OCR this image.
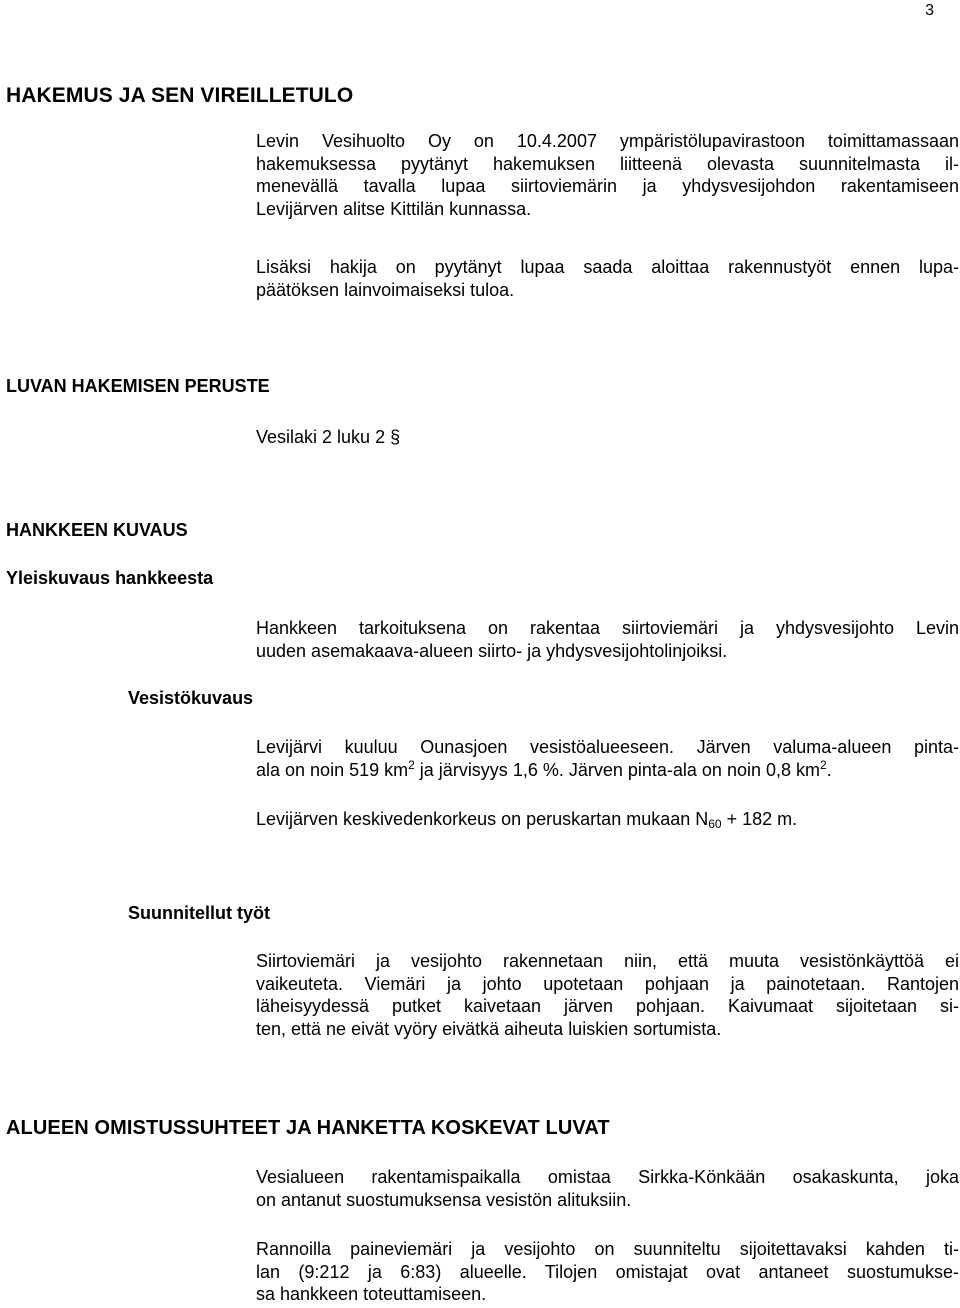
3
HAKEMUS JA SEN VIREILLETULO

Levin Vesihuolto Oy on 10.4.2007 ympäristölupavirastoon toimittamassaan
hakemuksessa pyytänyt hakemuksen liitteenä olevasta suunnitelmasta il-
menevällä tavalla lupaa siirtoviemärin ja yhdysvesijohdon rakentamiseen
Levijärven alitse Kittilän kunnassa.

Lisäksi hakija on pyytänyt lupaa saada aloittaa rakennustyöt ennen lupa-
päätöksen lainvoimaiseksi tuloa.

LUVAN HAKEMISEN PERUSTE

Vesilaki 2 luku 2 §

HANKKEEN KUVAUS
Yleiskuvaus hankkeesta

Hankkeen tarkoituksena on rakentaa siirtoviemäri ja yhdysvesijohto Levin
uuden asemakaava-alueen siirto- ja yhdysvesijohtolinjoiksi.

Vesistökuvaus

Levijärvi kuuluu Ounasjoen vesistöalueeseen. Järven valuma-alueen pinta-
ala on noin 519 $km^2$ ja järvisyys 1,6 %. Järven pinta-ala on noin 0,8 $km^2$.

Levijärven keskivedenkorkeus on peruskartan mukaan $N_{60} + 182$ m.

Suunnitellut työt

Siirtoviemäri ja vesijohto rakennetaan niin, että muuta vesistönkäyttöä ei
vaikeuteta. Viemäri ja johto upotetaan pohjaan ja painotetaan. Rantojen
läheisyydessä putket kaivetaan järven pohjaan. Kaivumaat sijoitetaan si-
ten, että ne eivät vyöry eivätkä aiheuta luiskien sortumista.

ALUEEN OMISTUSSUHTEET JA HANKETTA KOSKEVAT LUVAT

Vesialueen rakentamispaikalla omistaa Sirkka-Könkään osakaskunta, joka
on antanut suostumuksensa vesistön alituksiin.

Rannoilla paineviemäri ja vesijohto on suunniteltu sijoitettavaksi kahden ti-
lan (9:212 ja 6:83) alueelle. Tilojen omistajat ovat antaneet suostumukse-
sa hankkeen toteuttamiseen.
